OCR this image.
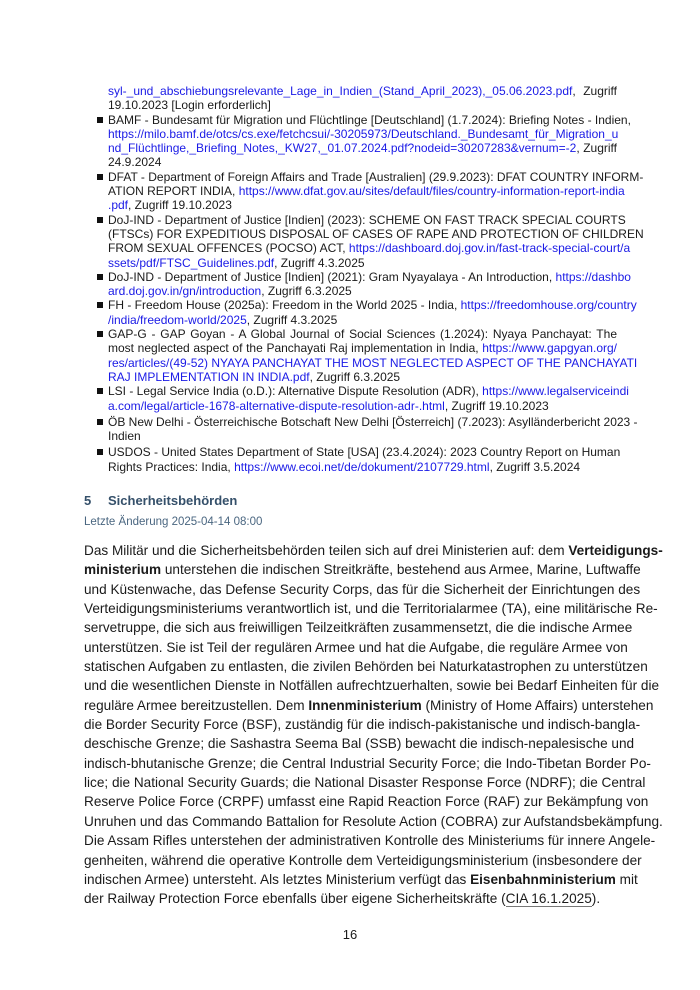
syl-_und_abschiebungsrelevante_Lage_in_Indien_(Stand_April_2023),_05.06.2023.pdf, Zugriff
19.10.2023 [Login erforderlich]
BAMF - Bundesamt für Migration und Flüchtlinge [Deutschland] (1.7.2024): Briefing Notes - Indien,
https://milo.bamf.de/otcs/cs.exe/fetchcsui/-30205973/Deutschland._Bundesamt_für_Migration_u
nd_Flüchtlinge,_Briefing_Notes,_KW27,_01.07.2024.pdf?nodeid=30207283&vernum=-2, Zugriff
24.9.2024
DFAT - Department of Foreign Affairs and Trade [Australien] (29.9.2023): DFAT COUNTRY INFORM-
ATION REPORT INDIA, https://www.dfat.gov.au/sites/default/files/country-information-report-india
.pdf, Zugriff 19.10.2023
DoJ-IND - Department of Justice [Indien] (2023): SCHEME ON FAST TRACK SPECIAL COURTS
(FTSCs) FOR EXPEDITIOUS DISPOSAL OF CASES OF RAPE AND PROTECTION OF CHILDREN
FROM SEXUAL OFFENCES (POCSO) ACT, https://dashboard.doj.gov.in/fast-track-special-court/a
ssets/pdf/FTSC_Guidelines.pdf, Zugriff 4.3.2025
DoJ-IND - Department of Justice [Indien] (2021): Gram Nyayalaya - An Introduction, https://dashbo
ard.doj.gov.in/gn/introduction, Zugriff 6.3.2025
FH - Freedom House (2025a): Freedom in the World 2025 - India, https://freedomhouse.org/country
/india/freedom-world/2025, Zugriff 4.3.2025
GAP-G - GAP Goyan - A Global Journal of Social Sciences (1.2024): Nyaya Panchayat: The
most neglected aspect of the Panchayati Raj implementation in India, https://www.gapgyan.org/
res/articles/(49-52) NYAYA PANCHAYAT THE MOST NEGLECTED ASPECT OF THE PANCHAYATI
RAJ IMPLEMENTATION IN INDIA.pdf, Zugriff 6.3.2025
LSI - Legal Service India (o.D.): Alternative Dispute Resolution (ADR), https://www.legalserviceindi
a.com/legal/article-1678-alternative-dispute-resolution-adr-.html, Zugriff 19.10.2023
ÖB New Delhi - Österreichische Botschaft New Delhi [Österreich] (7.2023): Asylländerbericht 2023 -
Indien
USDOS - United States Department of State [USA] (23.4.2024): 2023 Country Report on Human
Rights Practices: India, https://www.ecoi.net/de/dokument/2107729.html, Zugriff 3.5.2024
5 Sicherheitsbehörden
Letzte Änderung 2025-04-14 08:00
Das Militär und die Sicherheitsbehörden teilen sich auf drei Ministerien auf: dem Verteidigungs-
ministerium unterstehen die indischen Streitkräfte, bestehend aus Armee, Marine, Luftwaffe
und Küstenwache, das Defense Security Corps, das für die Sicherheit der Einrichtungen des
Verteidigungsministeriums verantwortlich ist, und die Territorialarmee (TA), eine militärische Re-
servetruppe, die sich aus freiwilligen Teilzeitkräften zusammensetzt, die die indische Armee
unterstützen. Sie ist Teil der regulären Armee und hat die Aufgabe, die reguläre Armee von
statischen Aufgaben zu entlasten, die zivilen Behörden bei Naturkatastrophen zu unterstützen
und die wesentlichen Dienste in Notfällen aufrechtzuerhalten, sowie bei Bedarf Einheiten für die
reguläre Armee bereitzustellen. Dem Innenministerium (Ministry of Home Affairs) unterstehen
die Border Security Force (BSF), zuständig für die indisch-pakistanische und indisch-bangla-
deschische Grenze; die Sashastra Seema Bal (SSB) bewacht die indisch-nepalesische und
indisch-bhutanische Grenze; die Central Industrial Security Force; die Indo-Tibetan Border Po-
lice; die National Security Guards; die National Disaster Response Force (NDRF); die Central
Reserve Police Force (CRPF) umfasst eine Rapid Reaction Force (RAF) zur Bekämpfung von
Unruhen und das Commando Battalion for Resolute Action (COBRA) zur Aufstandsbekämpfung.
Die Assam Rifles unterstehen der administrativen Kontrolle des Ministeriums für innere Angele-
genheiten, während die operative Kontrolle dem Verteidigungsministerium (insbesondere der
indischen Armee) untersteht. Als letztes Ministerium verfügt das Eisenbahnministerium mit
der Railway Protection Force ebenfalls über eigene Sicherheitskräfte (CIA 16.1.2025).
16
